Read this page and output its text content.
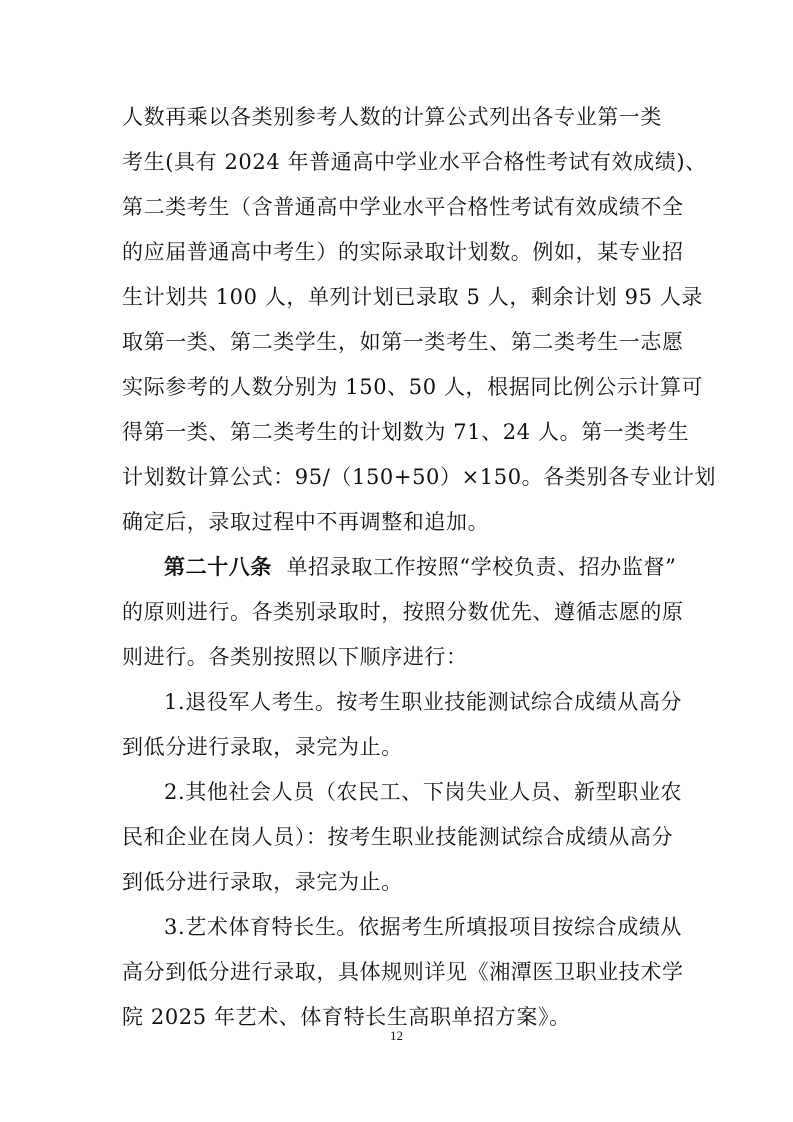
人数再乘以各类别参考人数的计算公式列出各专业第一类
考生(具有 2024 年普通高中学业水平合格性考试有效成绩)、
第二类考生（含普通高中学业水平合格性考试有效成绩不全
的应届普通高中考生）的实际录取计划数。例如，某专业招
生计划共 100 人，单列计划已录取 5 人，剩余计划 95 人录
取第一类、第二类学生，如第一类考生、第二类考生一志愿
实际参考的人数分别为 150、50 人，根据同比例公示计算可
得第一类、第二类考生的计划数为 71、24 人。第一类考生
计划数计算公式：95/（150+50）×150。各类别各专业计划
确定后，录取过程中不再调整和追加。
第二十八条  单招录取工作按照“学校负责、招办监督”
的原则进行。各类别录取时，按照分数优先、遵循志愿的原
则进行。各类别按照以下顺序进行：
1.退役军人考生。按考生职业技能测试综合成绩从高分
到低分进行录取，录完为止。
2.其他社会人员（农民工、下岗失业人员、新型职业农
民和企业在岗人员）：按考生职业技能测试综合成绩从高分
到低分进行录取，录完为止。
3.艺术体育特长生。依据考生所填报项目按综合成绩从
高分到低分进行录取，具体规则详见《湘潭医卫职业技术学
院 2025 年艺术、体育特长生高职单招方案》。
12
